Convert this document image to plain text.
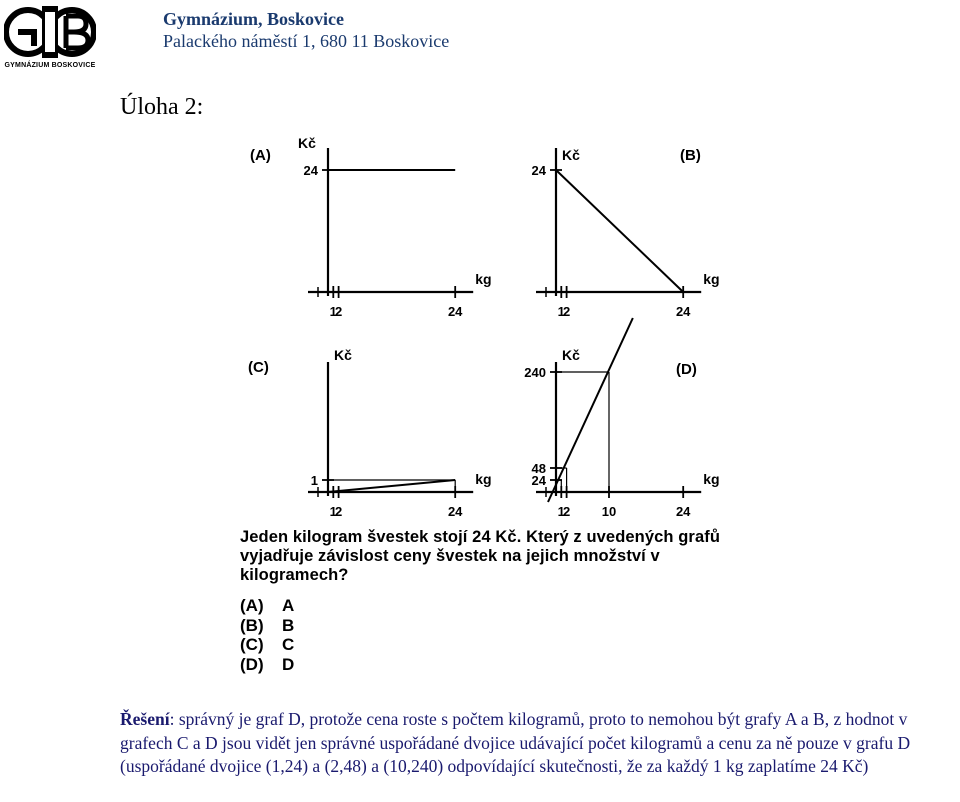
GYMNÁZIUM BOSKOVICE
Gymnázium, Boskovice
Palackého náměstí 1, 680 11 Boskovice
Úloha 2:
Kč
kg
(A)
1
2	24
24
Kč
kg
(B)
1
2	24
24
Kč
kg
(C)
1
2	24
1
Kč
kg
(D)
1
2 10	24
24
48
240
Jeden kilogram švestek stojí 24 Kč. Který z uvedených grafů vyjadřuje závislost ceny švestek na jejich množství v kilogramech?
(A)	A
(B)	B
(C)	C
(D)	D
Řešení: správný je graf D, protože cena roste s počtem kilogramů, proto to nemohou být grafy A a B, z hodnot v grafech C a D jsou vidět jen správné uspořádané dvojice udávající počet kilogramů a cenu za ně pouze v grafu D (uspořádané dvojice (1,24) a (2,48) a (10,240) odpovídající skutečnosti, že za každý 1 kg zaplatíme 24 Kč)
